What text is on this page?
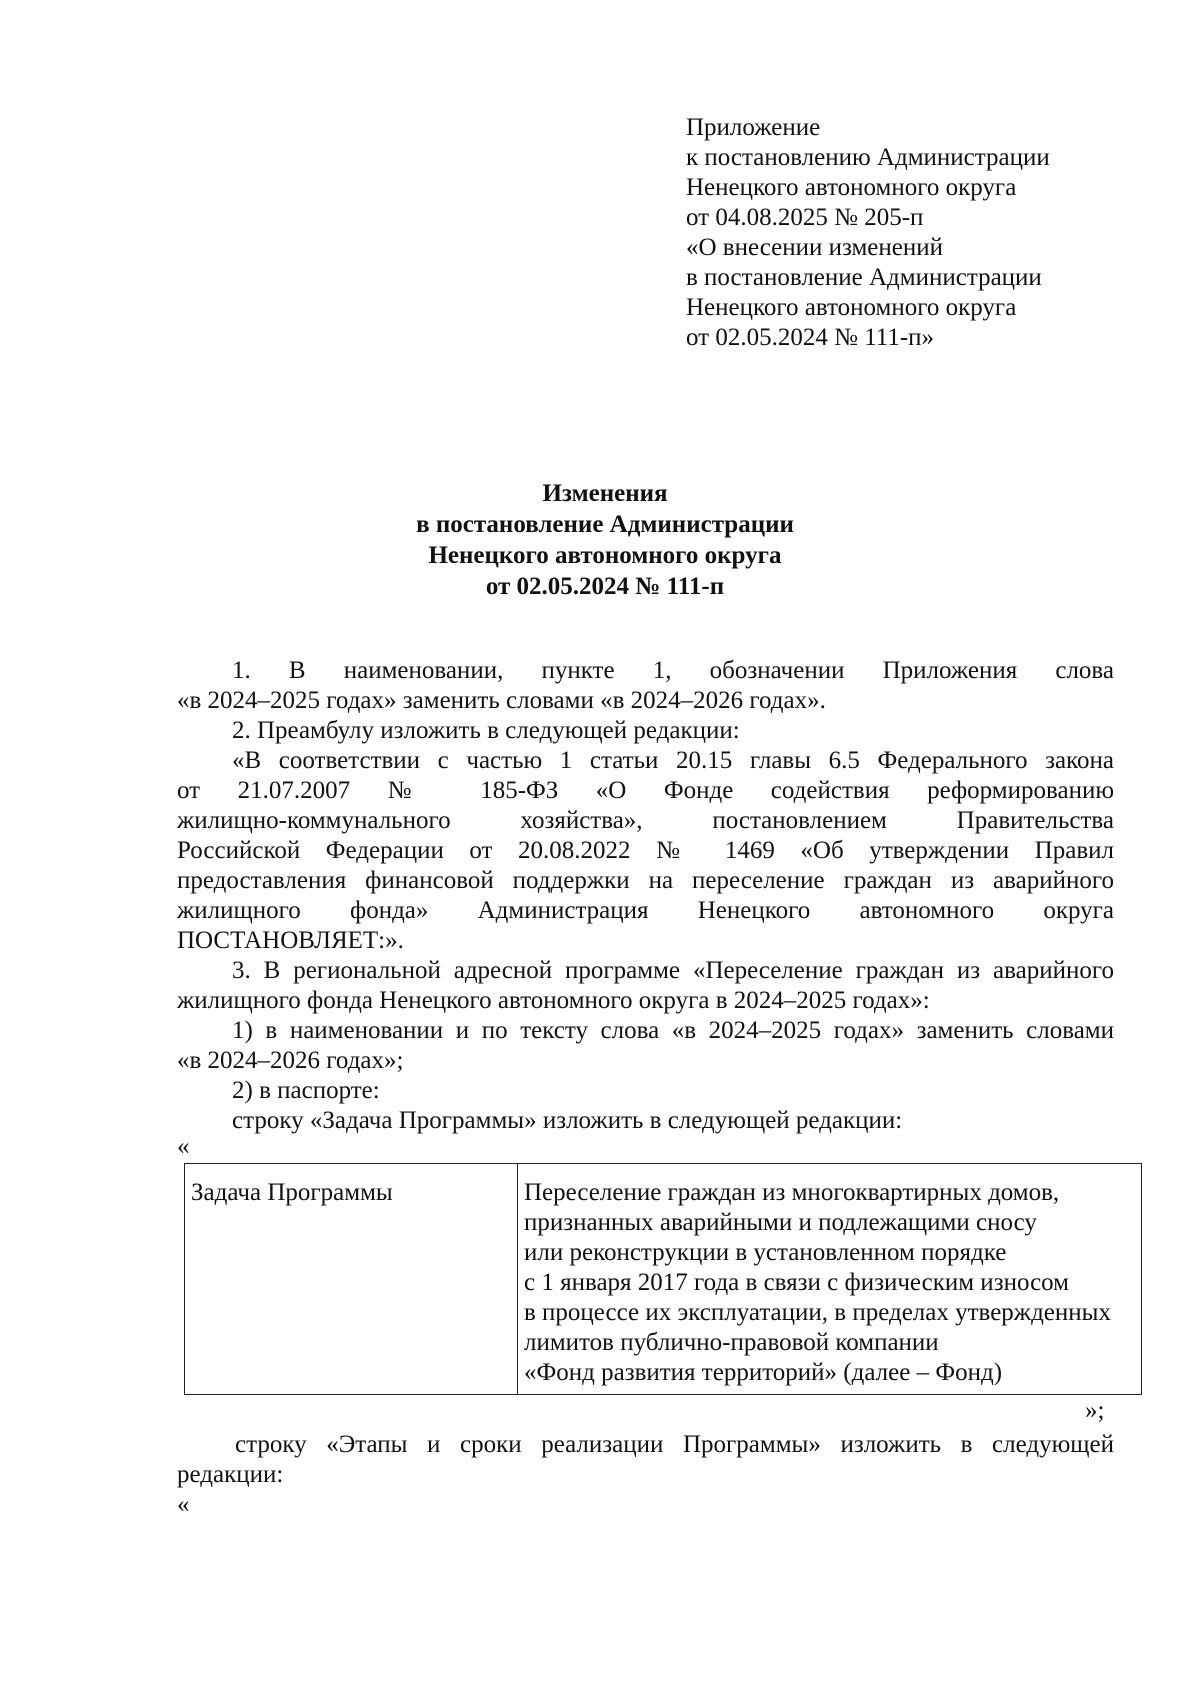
Приложение
к постановлению Администрации
Ненецкого автономного округа
от 04.08.2025 № 205-п
«О внесении изменений
в постановление Администрации
Ненецкого автономного округа
от 02.05.2024 № 111-п»
Изменения
в постановление Администрации
Ненецкого автономного округа
от 02.05.2024 № 111-п
1. В наименовании, пункте 1, обозначении Приложения слова
«в 2024–2025 годах» заменить словами «в 2024–2026 годах».
2. Преамбулу изложить в следующей редакции:
«В соответствии с частью 1 статьи 20.15 главы 6.5 Федерального закона
от 21.07.2007 № 185-ФЗ «О Фонде содействия реформированию
жилищно-коммунального хозяйства», постановлением Правительства
Российской Федерации от 20.08.2022 № 1469 «Об утверждении Правил
предоставления финансовой поддержки на переселение граждан из аварийного
жилищного фонда» Администрация Ненецкого автономного округа
ПОСТАНОВЛЯЕТ:».
3. В региональной адресной программе «Переселение граждан из аварийного
жилищного фонда Ненецкого автономного округа в 2024–2025 годах»:
1) в наименовании и по тексту слова «в 2024–2025 годах» заменить словами
«в 2024–2026 годах»;
2) в паспорте:
строку «Задача Программы» изложить в следующей редакции:
«
Задача Программы	Переселение граждан из многоквартирных домов,
признанных аварийными и подлежащими сносу
или реконструкции в установленном порядке
с 1 января 2017 года в связи с физическим износом
в процессе их эксплуатации, в пределах утвержденных
лимитов публично-правовой компании
«Фонд развития территорий» (далее – Фонд)
»;
строку «Этапы и сроки реализации Программы» изложить в следующей
редакции:
«
